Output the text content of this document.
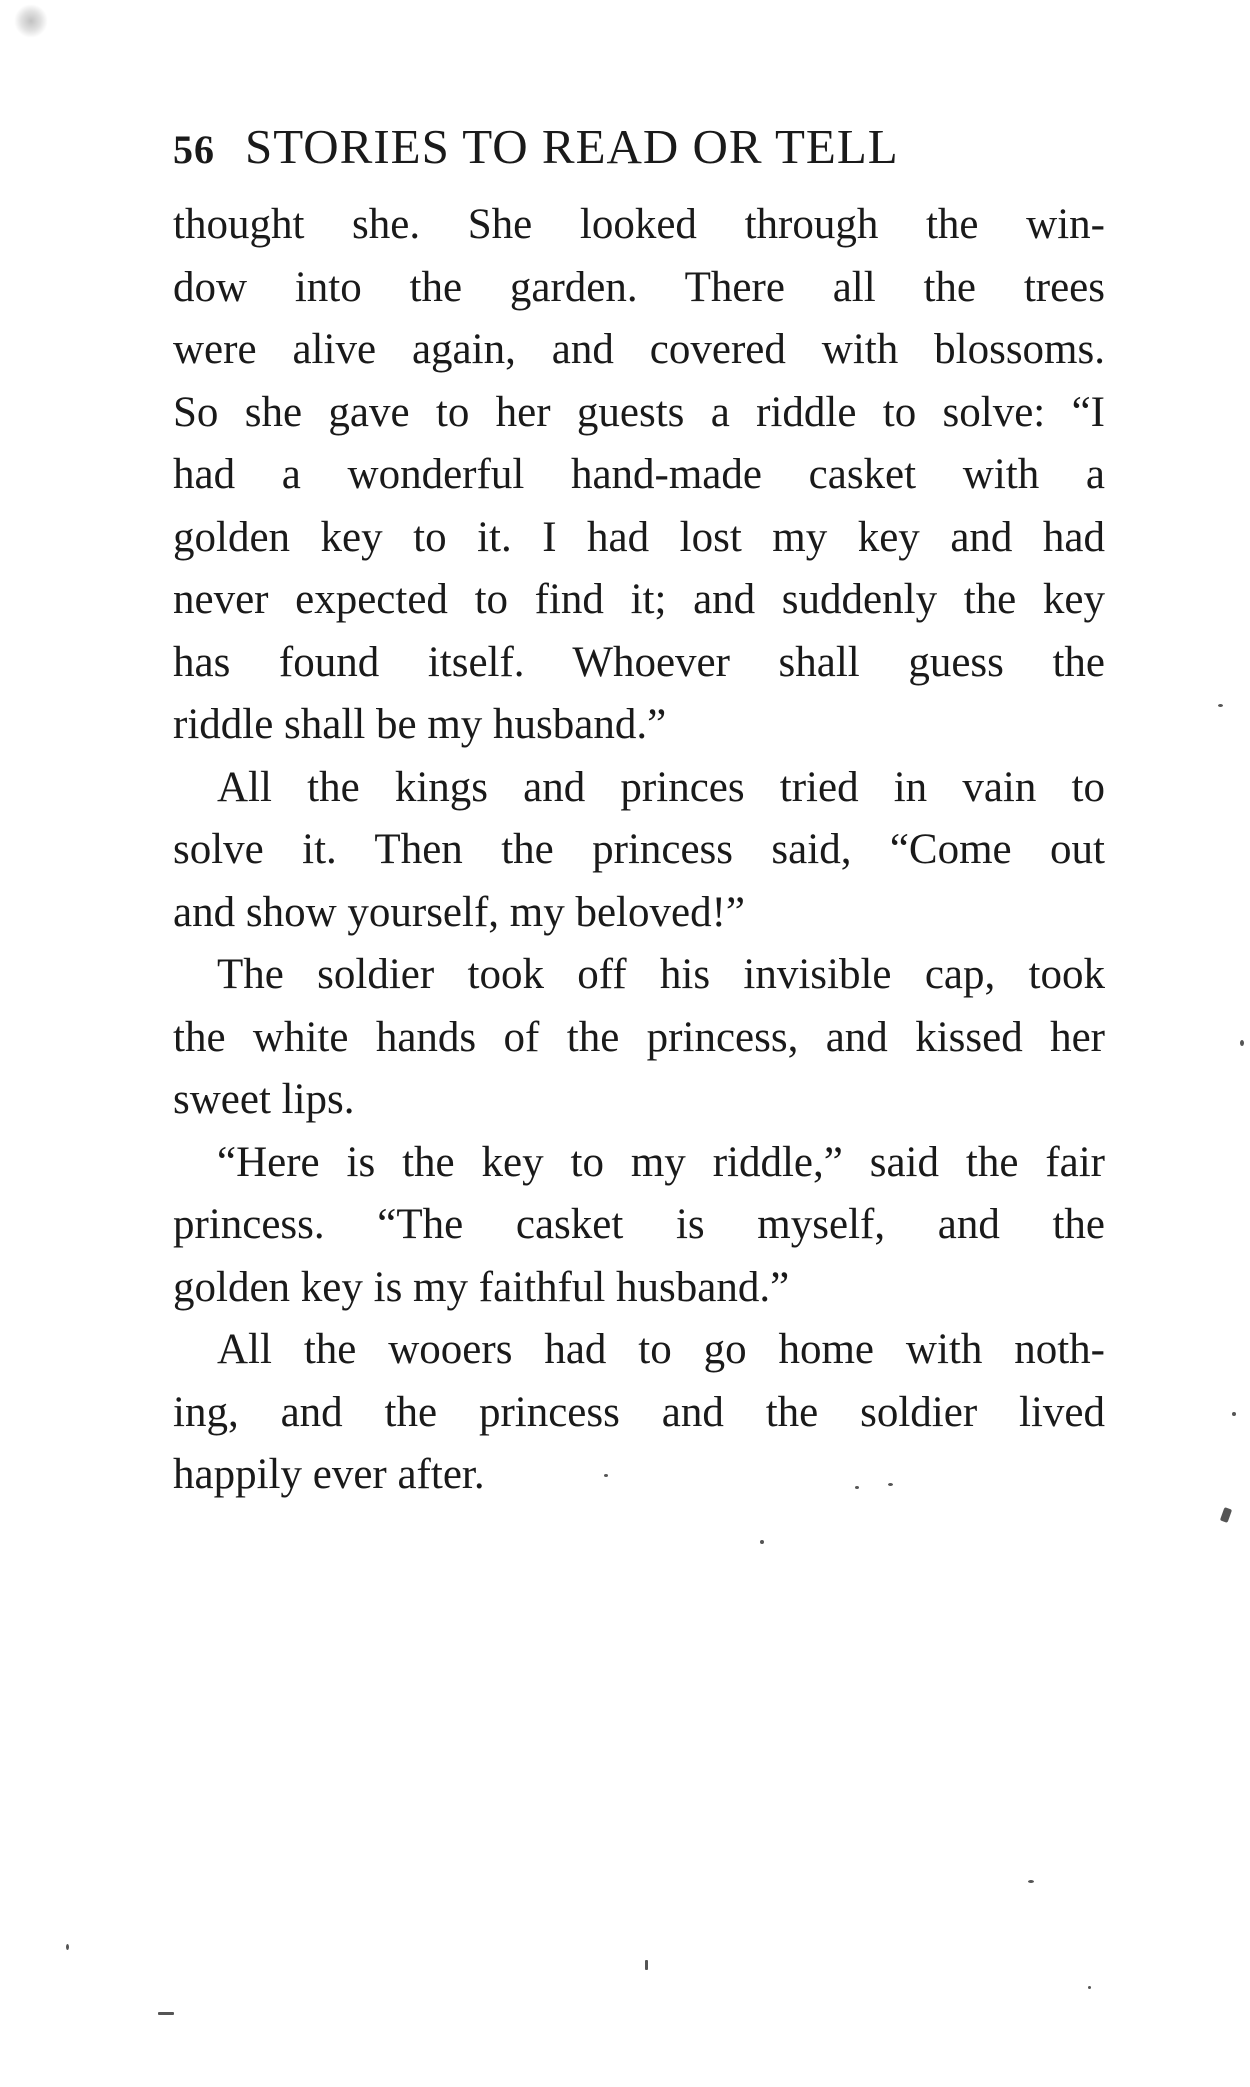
56 STORIES TO READ OR TELL
thought she. She looked through the win-
dow into the garden. There all the trees
were alive again, and covered with blossoms.
So she gave to her guests a riddle to solve: “I
had a wonderful hand-made casket with a
golden key to it. I had lost my key and had
never expected to find it; and suddenly the key
has found itself. Whoever shall guess the
riddle shall be my husband.”
All the kings and princes tried in vain to
solve it. Then the princess said, “Come out
and show yourself, my beloved!”
The soldier took off his invisible cap, took
the white hands of the princess, and kissed her
sweet lips.
“Here is the key to my riddle,” said the fair
princess. “The casket is myself, and the
golden key is my faithful husband.”
All the wooers had to go home with noth-
ing, and the princess and the soldier lived
happily ever after.
